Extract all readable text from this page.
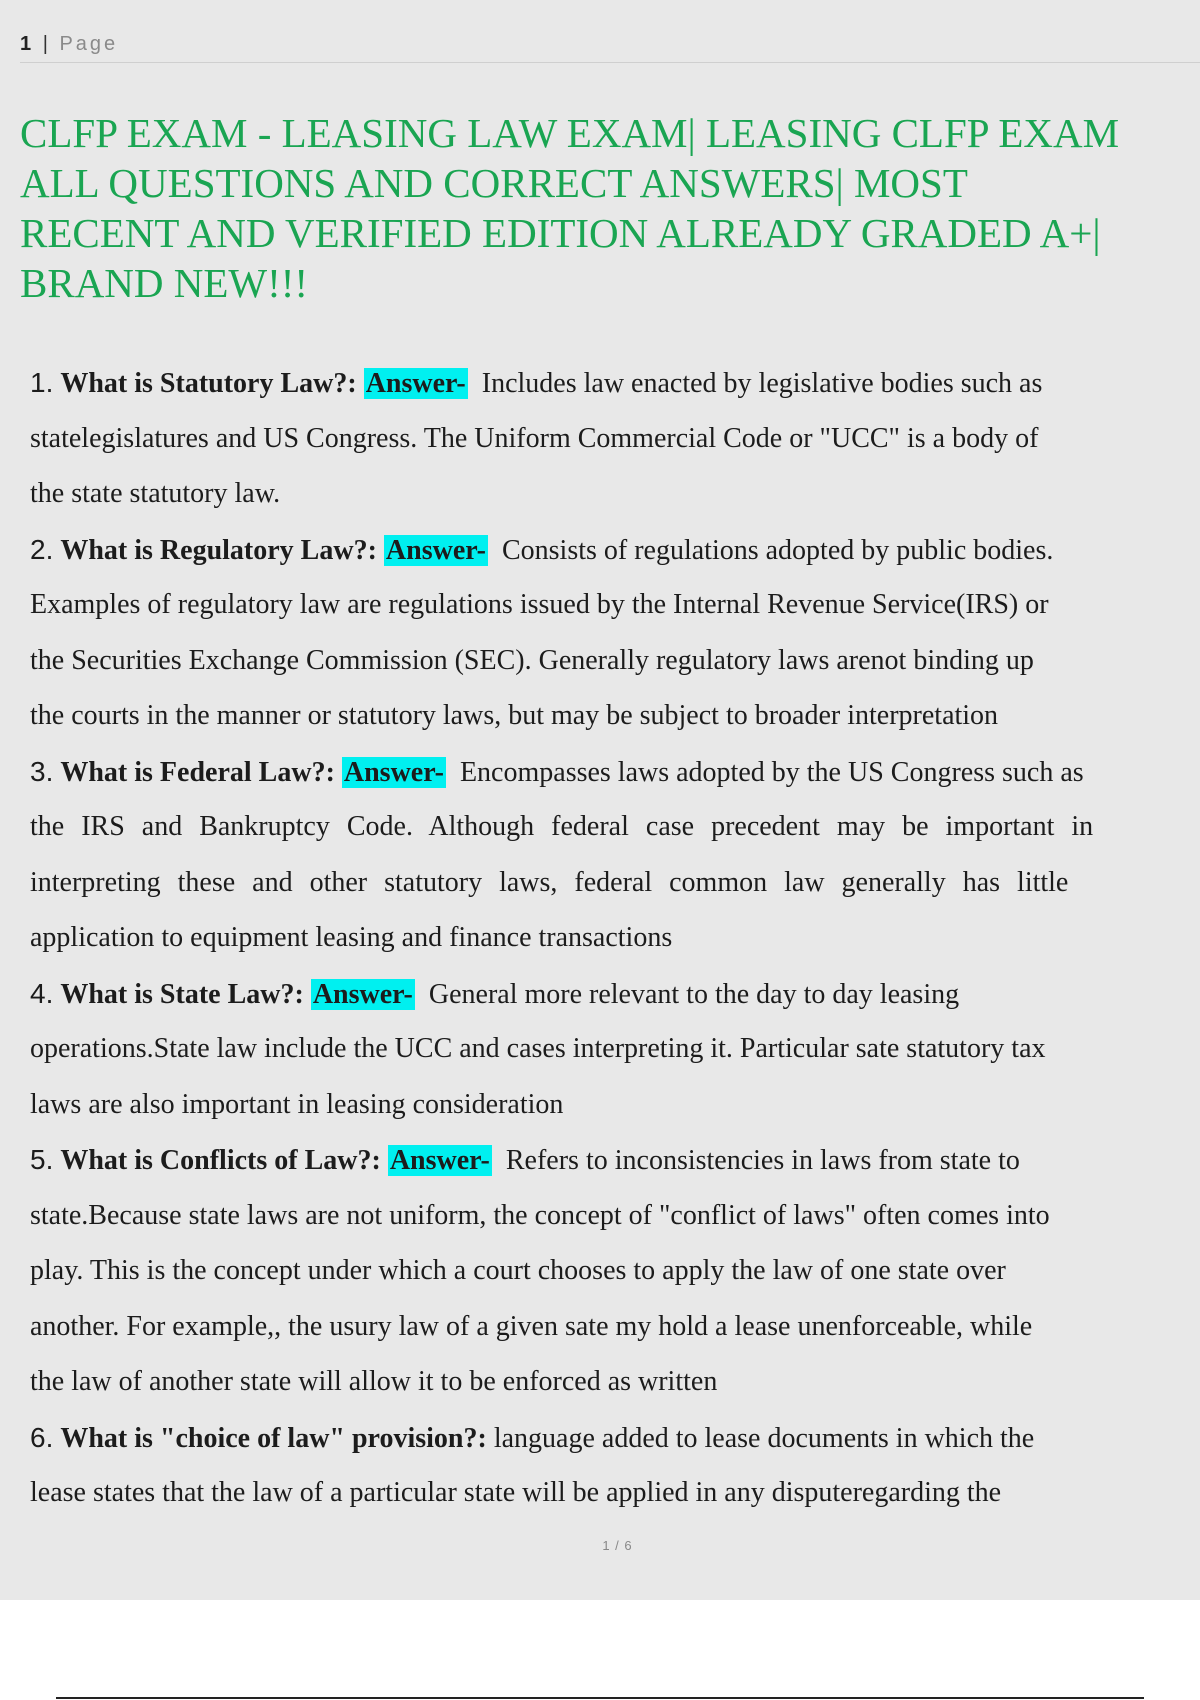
1 | Page
CLFP EXAM - LEASING LAW EXAM| LEASING CLFP EXAM
ALL QUESTIONS AND CORRECT ANSWERS| MOST
RECENT AND VERIFIED EDITION ALREADY GRADED A+|
BRAND NEW!!!
1. What is Statutory Law?: Answer- Includes law enacted by legislative bodies such as
statelegislatures and US Congress. The Uniform Commercial Code or "UCC" is a body of
the state statutory law.
2. What is Regulatory Law?: Answer- Consists of regulations adopted by public bodies.
Examples of regulatory law are regulations issued by the Internal Revenue Service(IRS) or
the Securities Exchange Commission (SEC). Generally regulatory laws arenot binding up
the courts in the manner or statutory laws, but may be subject to broader interpretation
3. What is Federal Law?: Answer- Encompasses laws adopted by the US Congress such as
the IRS and Bankruptcy Code. Although federal case precedent may be important in
interpreting these and other statutory laws, federal common law generally has little
application to equipment leasing and finance transactions
4. What is State Law?: Answer- General more relevant to the day to day leasing
operations.State law include the UCC and cases interpreting it. Particular sate statutory tax
laws are also important in leasing consideration
5. What is Conflicts of Law?: Answer- Refers to inconsistencies in laws from state to
state.Because state laws are not uniform, the concept of "conflict of laws" often comes into
play. This is the concept under which a court chooses to apply the law of one state over
another. For example,, the usury law of a given sate my hold a lease unenforceable, while
the law of another state will allow it to be enforced as written
6. What is "choice of law" provision?: language added to lease documents in which the
lease states that the law of a particular state will be applied in any disputeregarding the
1 / 6
